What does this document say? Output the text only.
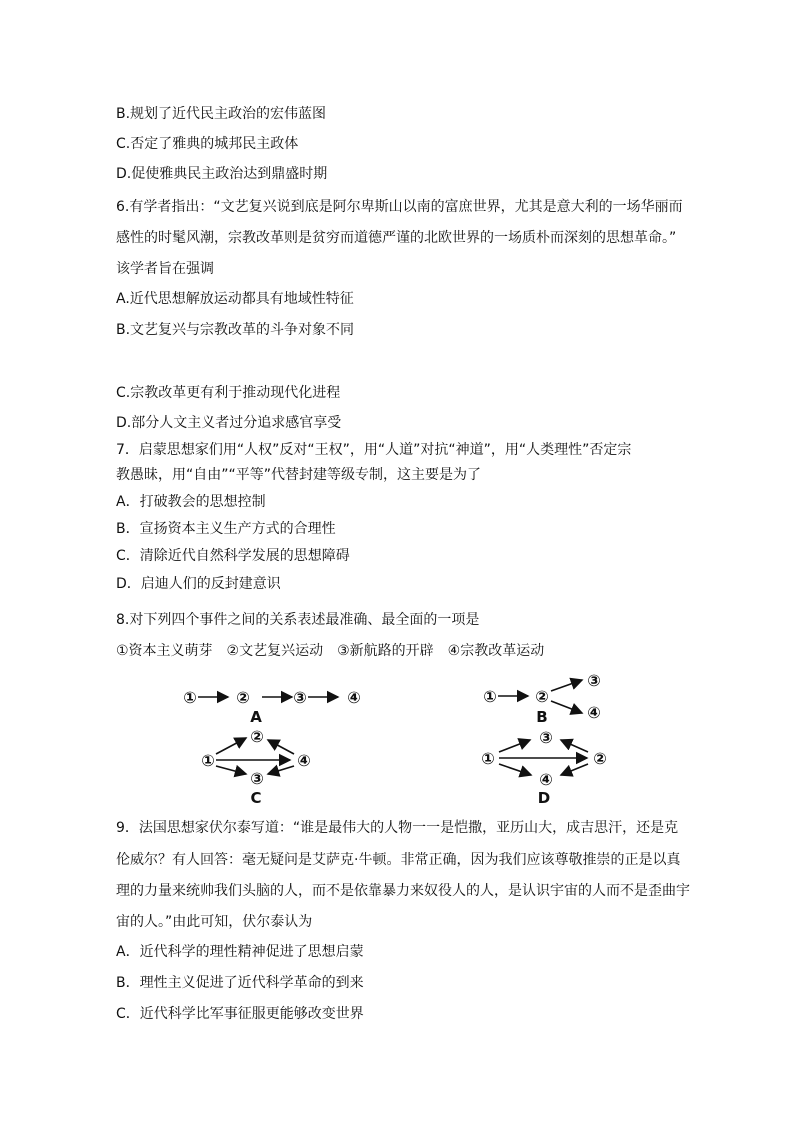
B.规划了近代民主政治的宏伟蓝图
C.否定了雅典的城邦民主政体
D.促使雅典民主政治达到鼎盛时期
6.有学者指出：“文艺复兴说到底是阿尔卑斯山以南的富庶世界，尤其是意大利的一场华丽而
感性的时髦风潮，宗教改革则是贫穷而道德严谨的北欧世界的一场质朴而深刻的思想革命。”
该学者旨在强调
A.近代思想解放运动都具有地域性特征
B.文艺复兴与宗教改革的斗争对象不同
C.宗教改革更有利于推动现代化进程
D.部分人文主义者过分追求感官享受
7．启蒙思想家们用“人权”反对“王权”，用“人道”对抗“神道”，用“人类理性”否定宗
教愚昧，用“自由”“平等”代替封建等级专制，这主要是为了
A．打破教会的思想控制
B．宣扬资本主义生产方式的合理性
C．清除近代自然科学发展的思想障碍
D．启迪人们的反封建意识
8.对下列四个事件之间的关系表述最准确、最全面的一项是
①资本主义萌芽　②文艺复兴运动　③新航路的开辟　④宗教改革运动
① ②	③	④	① ②
③
④
①
②
③
④	①	②
③
④
A	B
C	D
9．法国思想家伏尔泰写道：“谁是最伟大的人物一一是恺撒，亚历山大，成吉思汗，还是克
伦威尔？有人回答：毫无疑问是艾萨克·牛顿。非常正确，因为我们应该尊敬推崇的正是以真
理的力量来统帅我们头脑的人，而不是依靠暴力来奴役人的人，是认识宇宙的人而不是歪曲宇
宙的人。”由此可知，伏尔泰认为
A．近代科学的理性精神促进了思想启蒙
B．理性主义促进了近代科学革命的到来
C．近代科学比军事征服更能够改变世界
